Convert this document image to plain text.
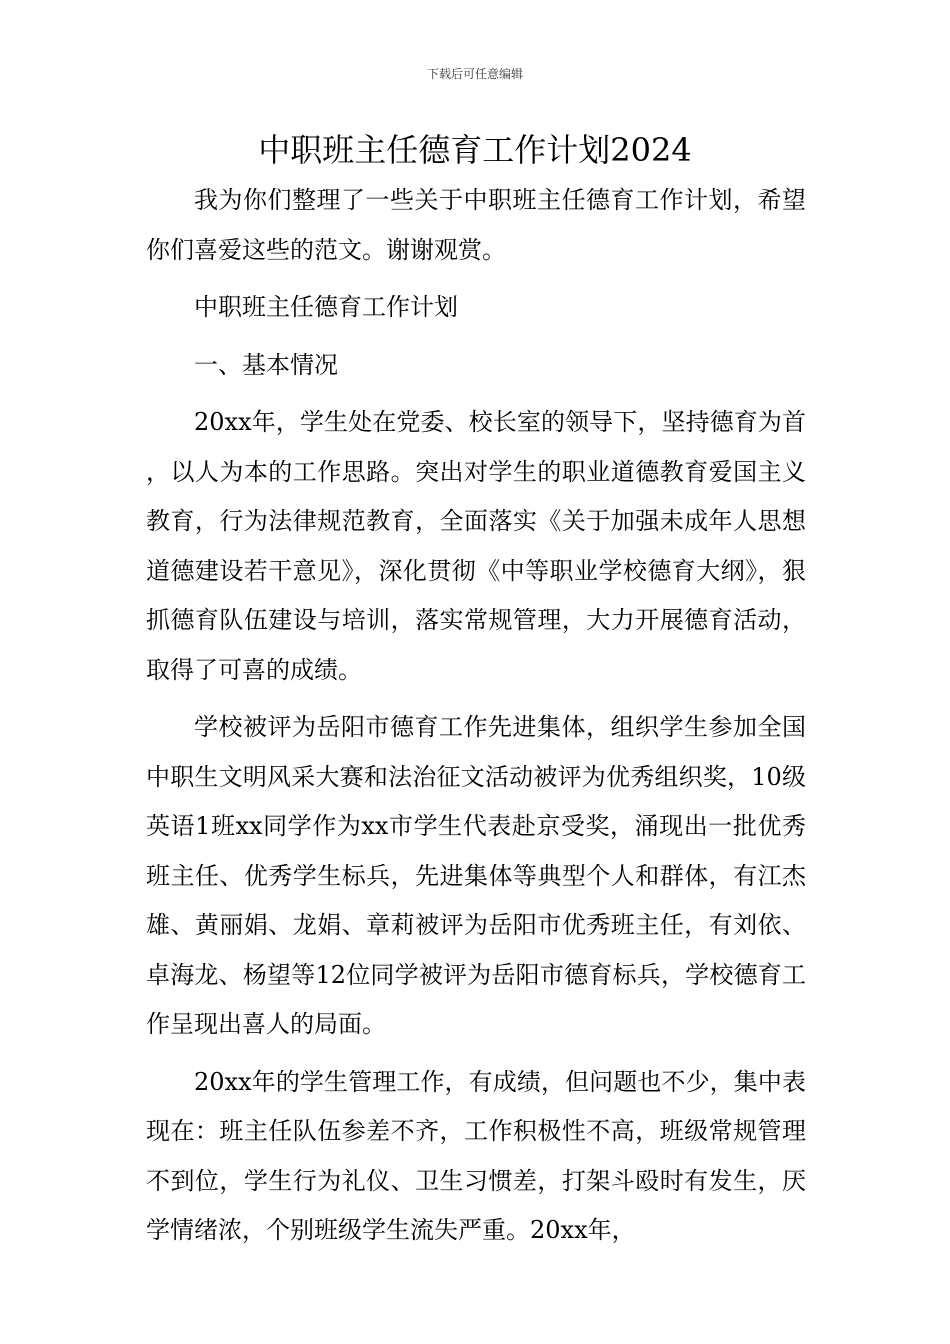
下载后可任意编辑
中职班主任德育工作计划2024

我为你们整理了一些关于中职班主任德育工作计划，希望你们喜爱这些的范文。谢谢观赏。

中职班主任德育工作计划

一、基本情况

20xx年，学生处在党委、校长室的领导下，坚持德育为首，以人为本的工作思路。突出对学生的职业道德教育爱国主义教育，行为法律规范教育，全面落实《关于加强未成年人思想道德建设若干意见》，深化贯彻《中等职业学校德育大纲》，狠抓德育队伍建设与培训，落实常规管理，大力开展德育活动，取得了可喜的成绩。

学校被评为岳阳市德育工作先进集体，组织学生参加全国中职生文明风采大赛和法治征文活动被评为优秀组织奖，10级英语1班xx同学作为xx市学生代表赴京受奖，涌现出一批优秀班主任、优秀学生标兵，先进集体等典型个人和群体，有江杰雄、黄丽娟、龙娟、章莉被评为岳阳市优秀班主任，有刘依、卓海龙、杨望等12位同学被评为岳阳市德育标兵，学校德育工作呈现出喜人的局面。

20xx年的学生管理工作，有成绩，但问题也不少，集中表现在：班主任队伍参差不齐，工作积极性不高，班级常规管理不到位，学生行为礼仪、卫生习惯差，打架斗殴时有发生，厌学情绪浓，个别班级学生流失严重。20xx年，
